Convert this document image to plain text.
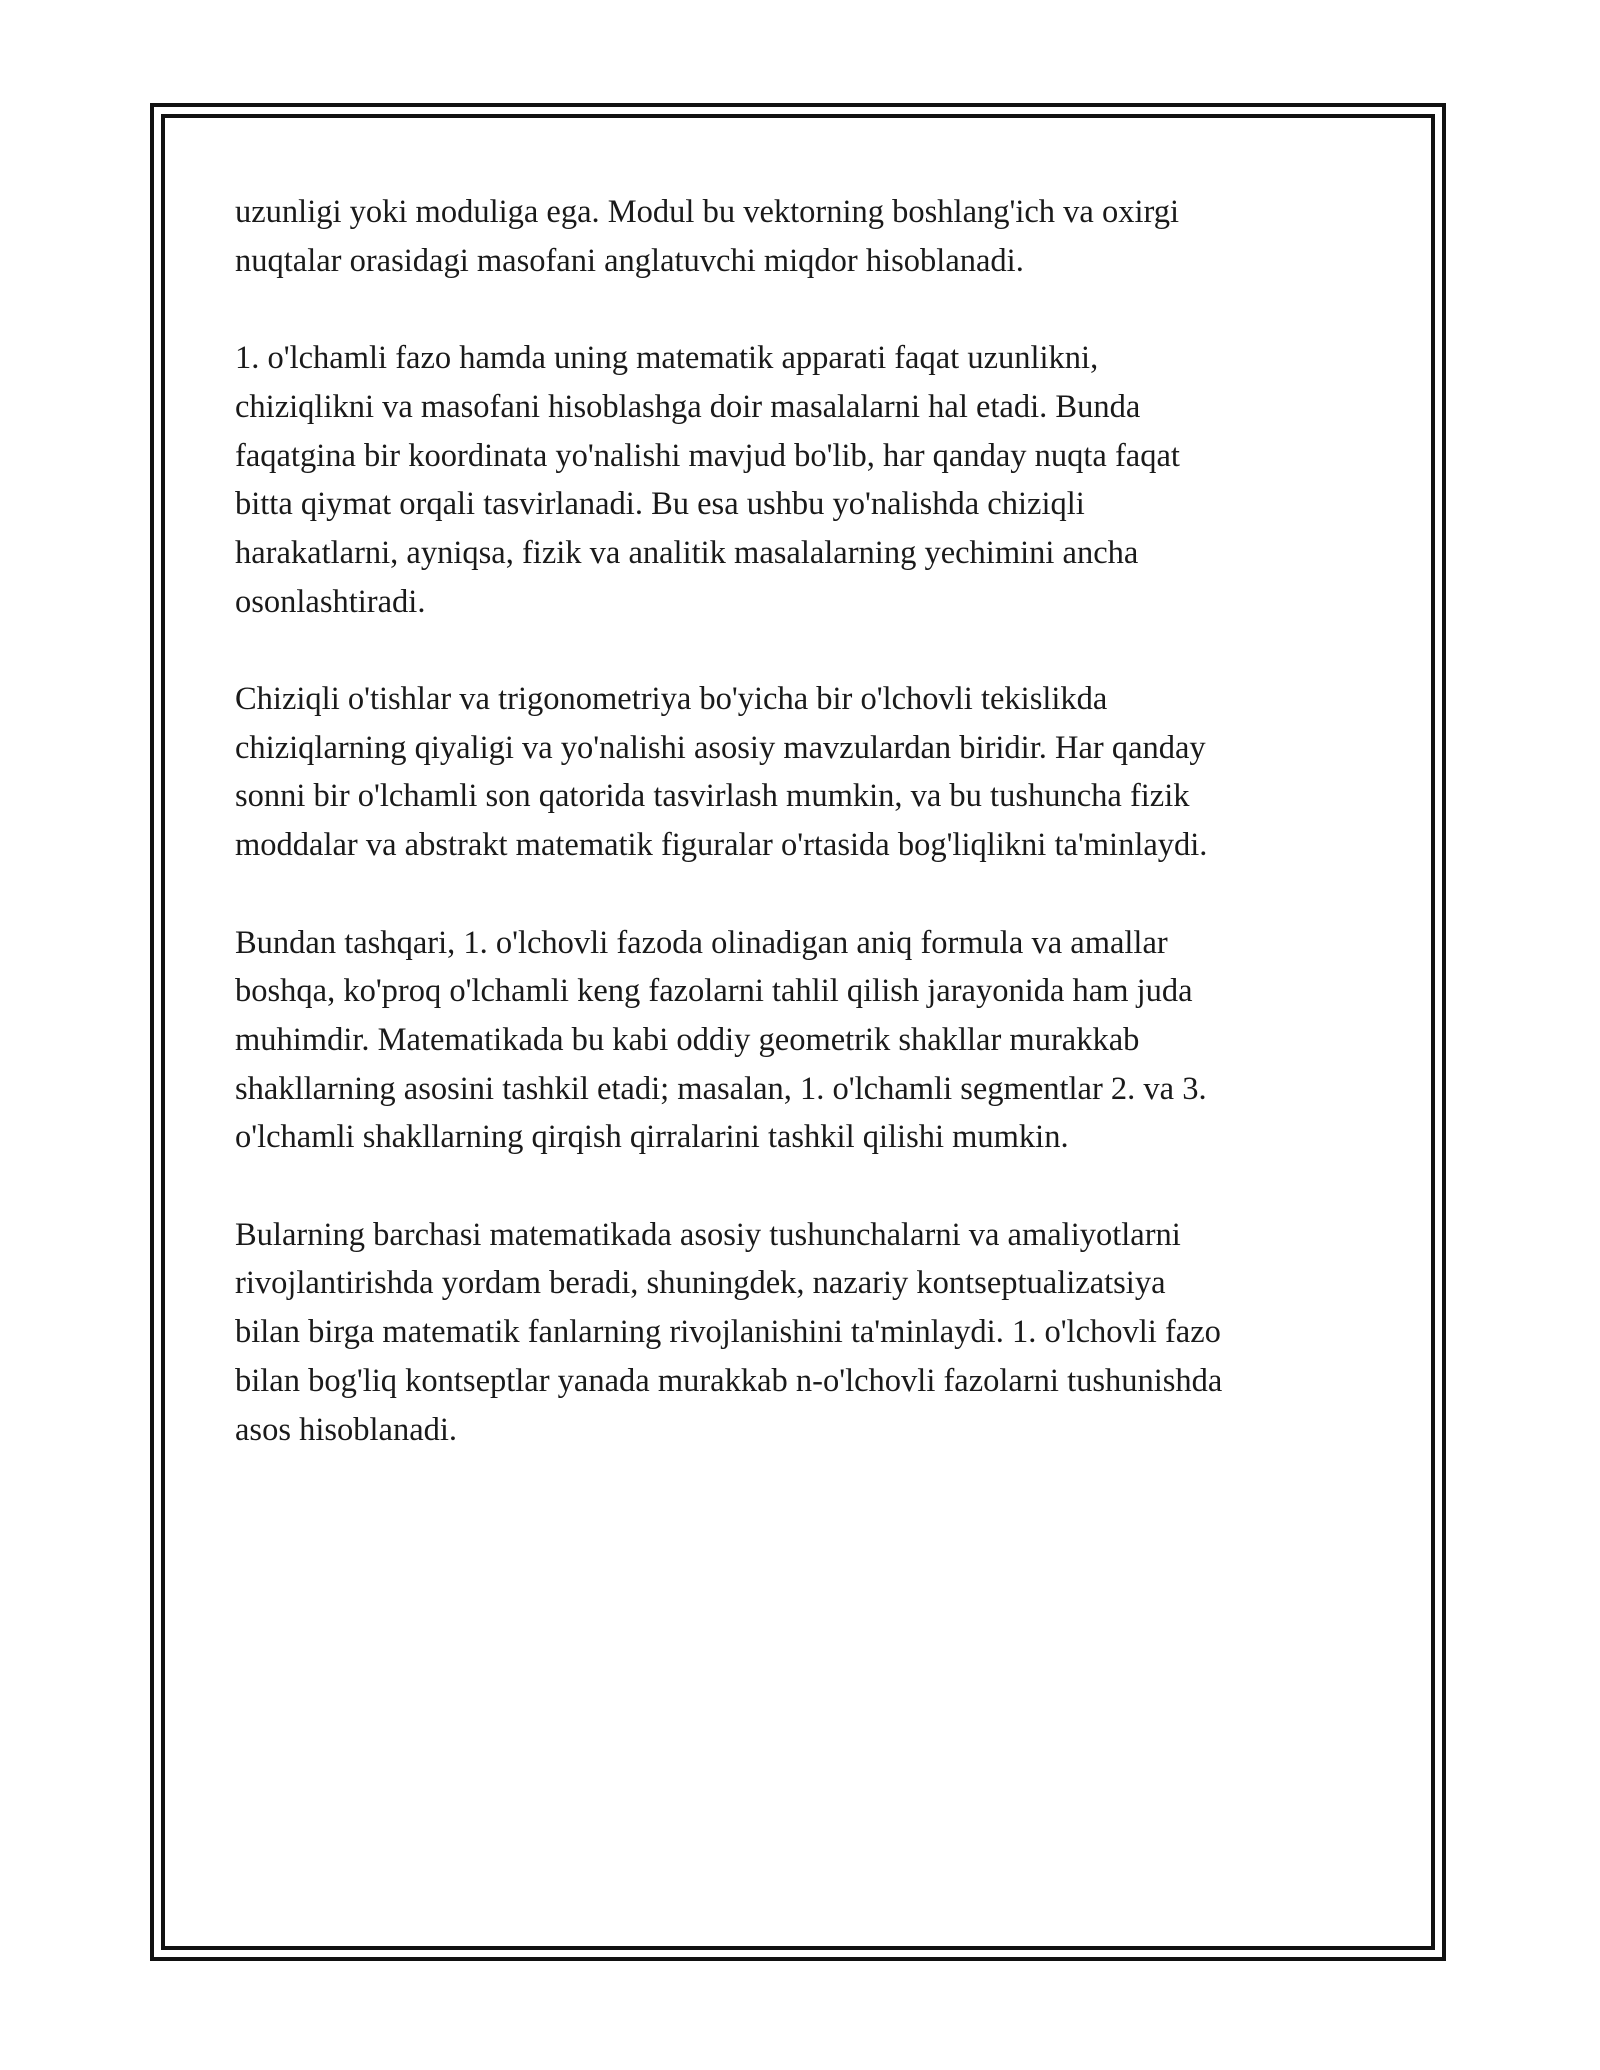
uzunligi yoki moduliga ega. Modul bu vektorning boshlang'ich va oxirgi
nuqtalar orasidagi masofani anglatuvchi miqdor hisoblanadi.

1. o'lchamli fazo hamda uning matematik apparati faqat uzunlikni,
chiziqlikni va masofani hisoblashga doir masalalarni hal etadi. Bunda
faqatgina bir koordinata yo'nalishi mavjud bo'lib, har qanday nuqta faqat
bitta qiymat orqali tasvirlanadi. Bu esa ushbu yo'nalishda chiziqli
harakatlarni, ayniqsa, fizik va analitik masalalarning yechimini ancha
osonlashtiradi.

Chiziqli o'tishlar va trigonometriya bo'yicha bir o'lchovli tekislikda
chiziqlarning qiyaligi va yo'nalishi asosiy mavzulardan biridir. Har qanday
sonni bir o'lchamli son qatorida tasvirlash mumkin, va bu tushuncha fizik
moddalar va abstrakt matematik figuralar o'rtasida bog'liqlikni ta'minlaydi.

Bundan tashqari, 1. o'lchovli fazoda olinadigan aniq formula va amallar
boshqa, ko'proq o'lchamli keng fazolarni tahlil qilish jarayonida ham juda
muhimdir. Matematikada bu kabi oddiy geometrik shakllar murakkab
shakllarning asosini tashkil etadi; masalan, 1. o'lchamli segmentlar 2. va 3.
o'lchamli shakllarning qirqish qirralarini tashkil qilishi mumkin.

Bularning barchasi matematikada asosiy tushunchalarni va amaliyotlarni
rivojlantirishda yordam beradi, shuningdek, nazariy kontseptualizatsiya
bilan birga matematik fanlarning rivojlanishini ta'minlaydi. 1. o'lchovli fazo
bilan bog'liq kontseptlar yanada murakkab n-o'lchovli fazolarni tushunishda
asos hisoblanadi.
